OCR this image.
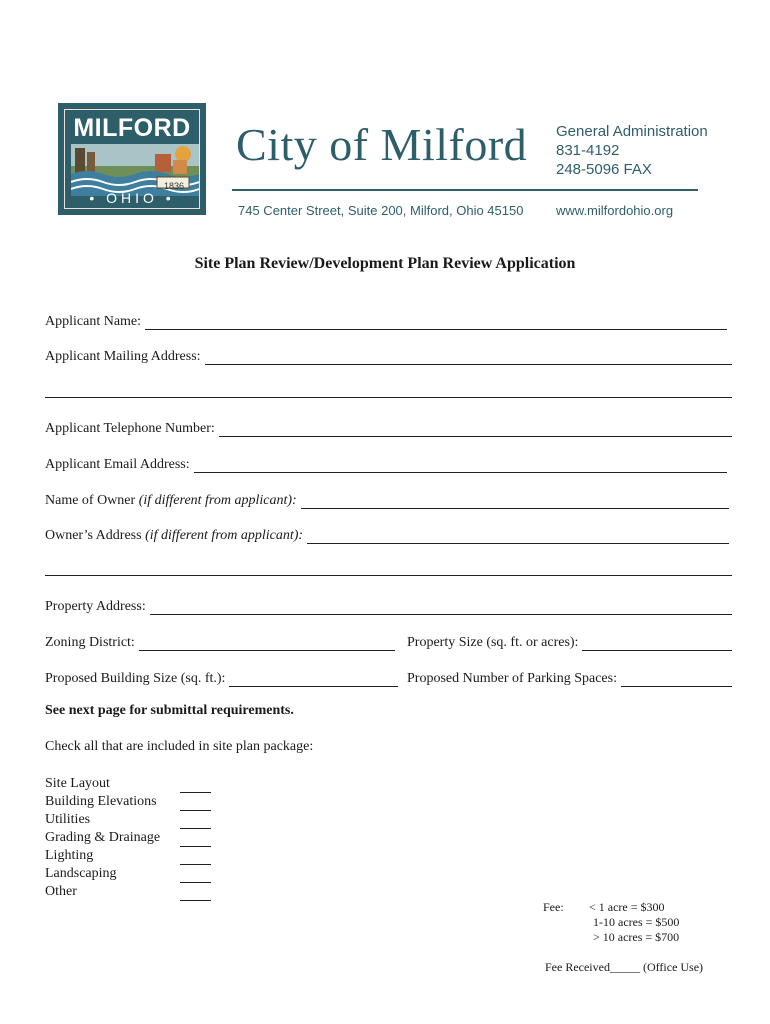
MILFORD
1836
• OHIO •
City of Milford General Administration
831-4192
248-5096 FAX
745 Center Street, Suite 200, Milford, Ohio 45150	www.milfordohio.org
Site Plan Review/Development Plan Review Application
Applicant Name:
Applicant Mailing Address:
Applicant Telephone Number:
Applicant Email Address:
Name of Owner (if different from applicant):
Owner’s Address (if different from applicant):
Property Address:
Zoning District:	Property Size (sq. ft. or acres):
Proposed Building Size (sq. ft.):	Proposed Number of Parking Spaces:
See next page for submittal requirements.
Check all that are included in site plan package:
Site Layout
Building Elevations
Utilities
Grading & Drainage
Lighting
Landscaping
Other
Fee: < 1 acre = $300
1-10 acres = $500
> 10 acres = $700
Fee Received_____ (Office Use)
